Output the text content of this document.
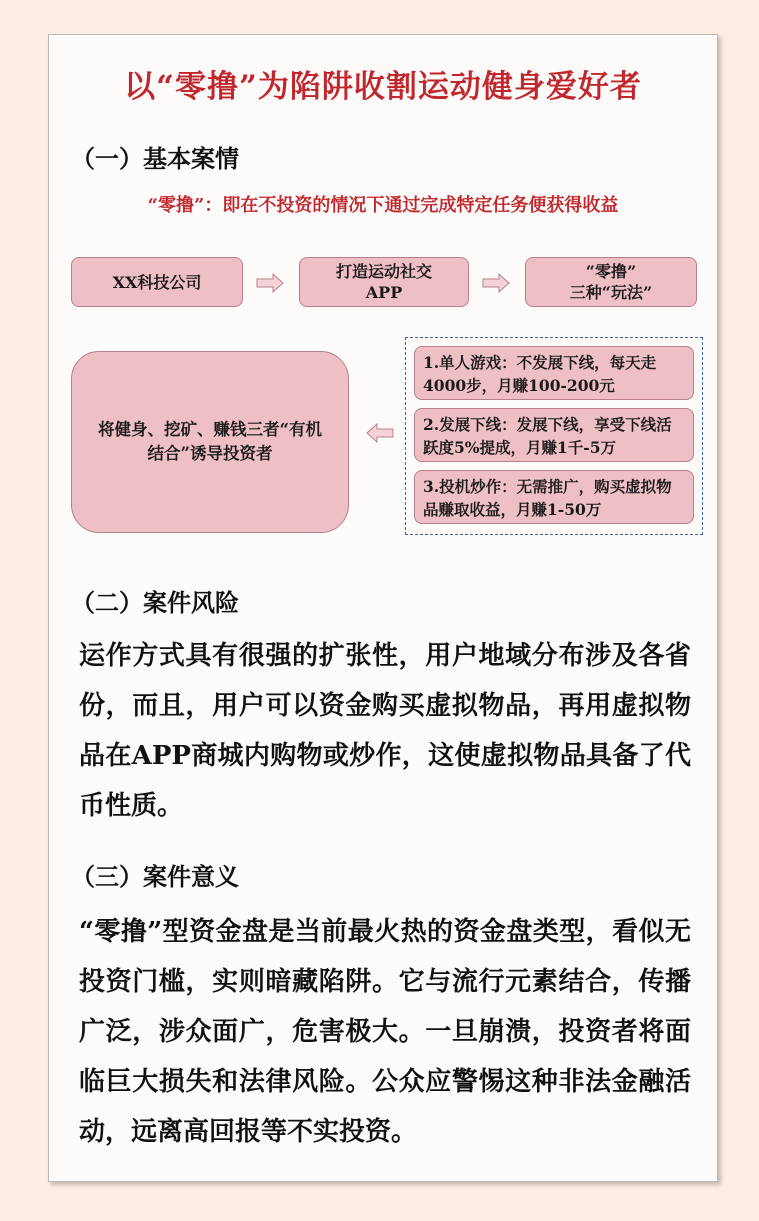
以“零撸”为陷阱收割运动健身爱好者
（一）基本案情
“零撸”：即在不投资的情况下通过完成特定任务便获得收益
XX科技公司
打造运动社交
APP
“零撸”
三种“玩法”
将健身、挖矿、赚钱三者“有机结合”诱导投资者
1.单人游戏：不发展下线，每天走4000步，月赚100-200元
2.发展下线：发展下线，享受下线活跃度5%提成，月赚1千-5万
3.投机炒作：无需推广，购买虚拟物品赚取收益，月赚1-50万
（二）案件风险
运作方式具有很强的扩张性，用户地域分布涉及各省份，而且，用户可以资金购买虚拟物品，再用虚拟物品在APP商城内购物或炒作，这使虚拟物品具备了代币性质。
（三）案件意义
“零撸”型资金盘是当前最火热的资金盘类型，看似无投资门槛，实则暗藏陷阱。它与流行元素结合，传播广泛，涉众面广，危害极大。一旦崩溃，投资者将面临巨大损失和法律风险。公众应警惕这种非法金融活动，远离高回报等不实投资。
